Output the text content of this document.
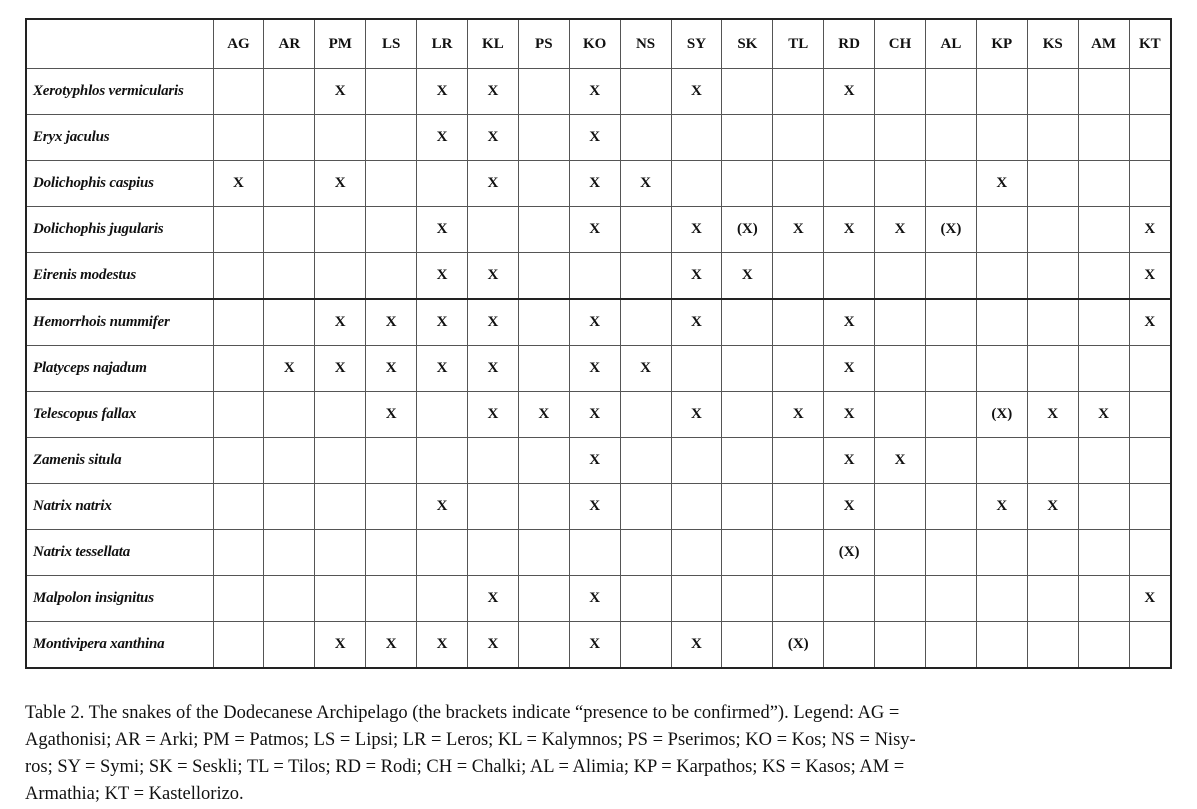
	AG	AR	PM	LS	LR	KL	PS	KO	NS	SY	SK	TL	RD	CH	AL	KP	KS	AM	KT
Xerotyphlos vermicularis			X		X	X		X		X			X						
Eryx jaculus					X	X		X											
Dolichophis caspius	X		X			X		X	X							X			
Dolichophis jugularis					X			X		X	(X)	X	X	X	(X)				X
Eirenis modestus					X	X				X	X								X
Hemorrhois nummifer			X	X	X	X		X		X			X						X
Platyceps najadum		X	X	X	X	X		X	X				X						
Telescopus fallax				X		X	X	X		X		X	X			(X)	X	X	
Zamenis situla								X					X	X					
Natrix natrix					X			X					X			X	X		
Natrix tessellata													(X)						
Malpolon insignitus						X		X											X
Montivipera xanthina			X	X	X	X		X		X		(X)							
Table 2. The snakes of the Dodecanese Archipelago (the brackets indicate “presence to be confirmed”). Legend: AG =
Agathonisi; AR = Arki; PM = Patmos; LS = Lipsi; LR = Leros; KL = Kalymnos; PS = Pserimos; KO = Kos; NS = Nisy-
ros; SY = Symi; SK = Seskli; TL = Tilos; RD = Rodi; CH = Chalki; AL = Alimia; KP = Karpathos; KS = Kasos; AM =
Armathia; KT = Kastellorizo.
